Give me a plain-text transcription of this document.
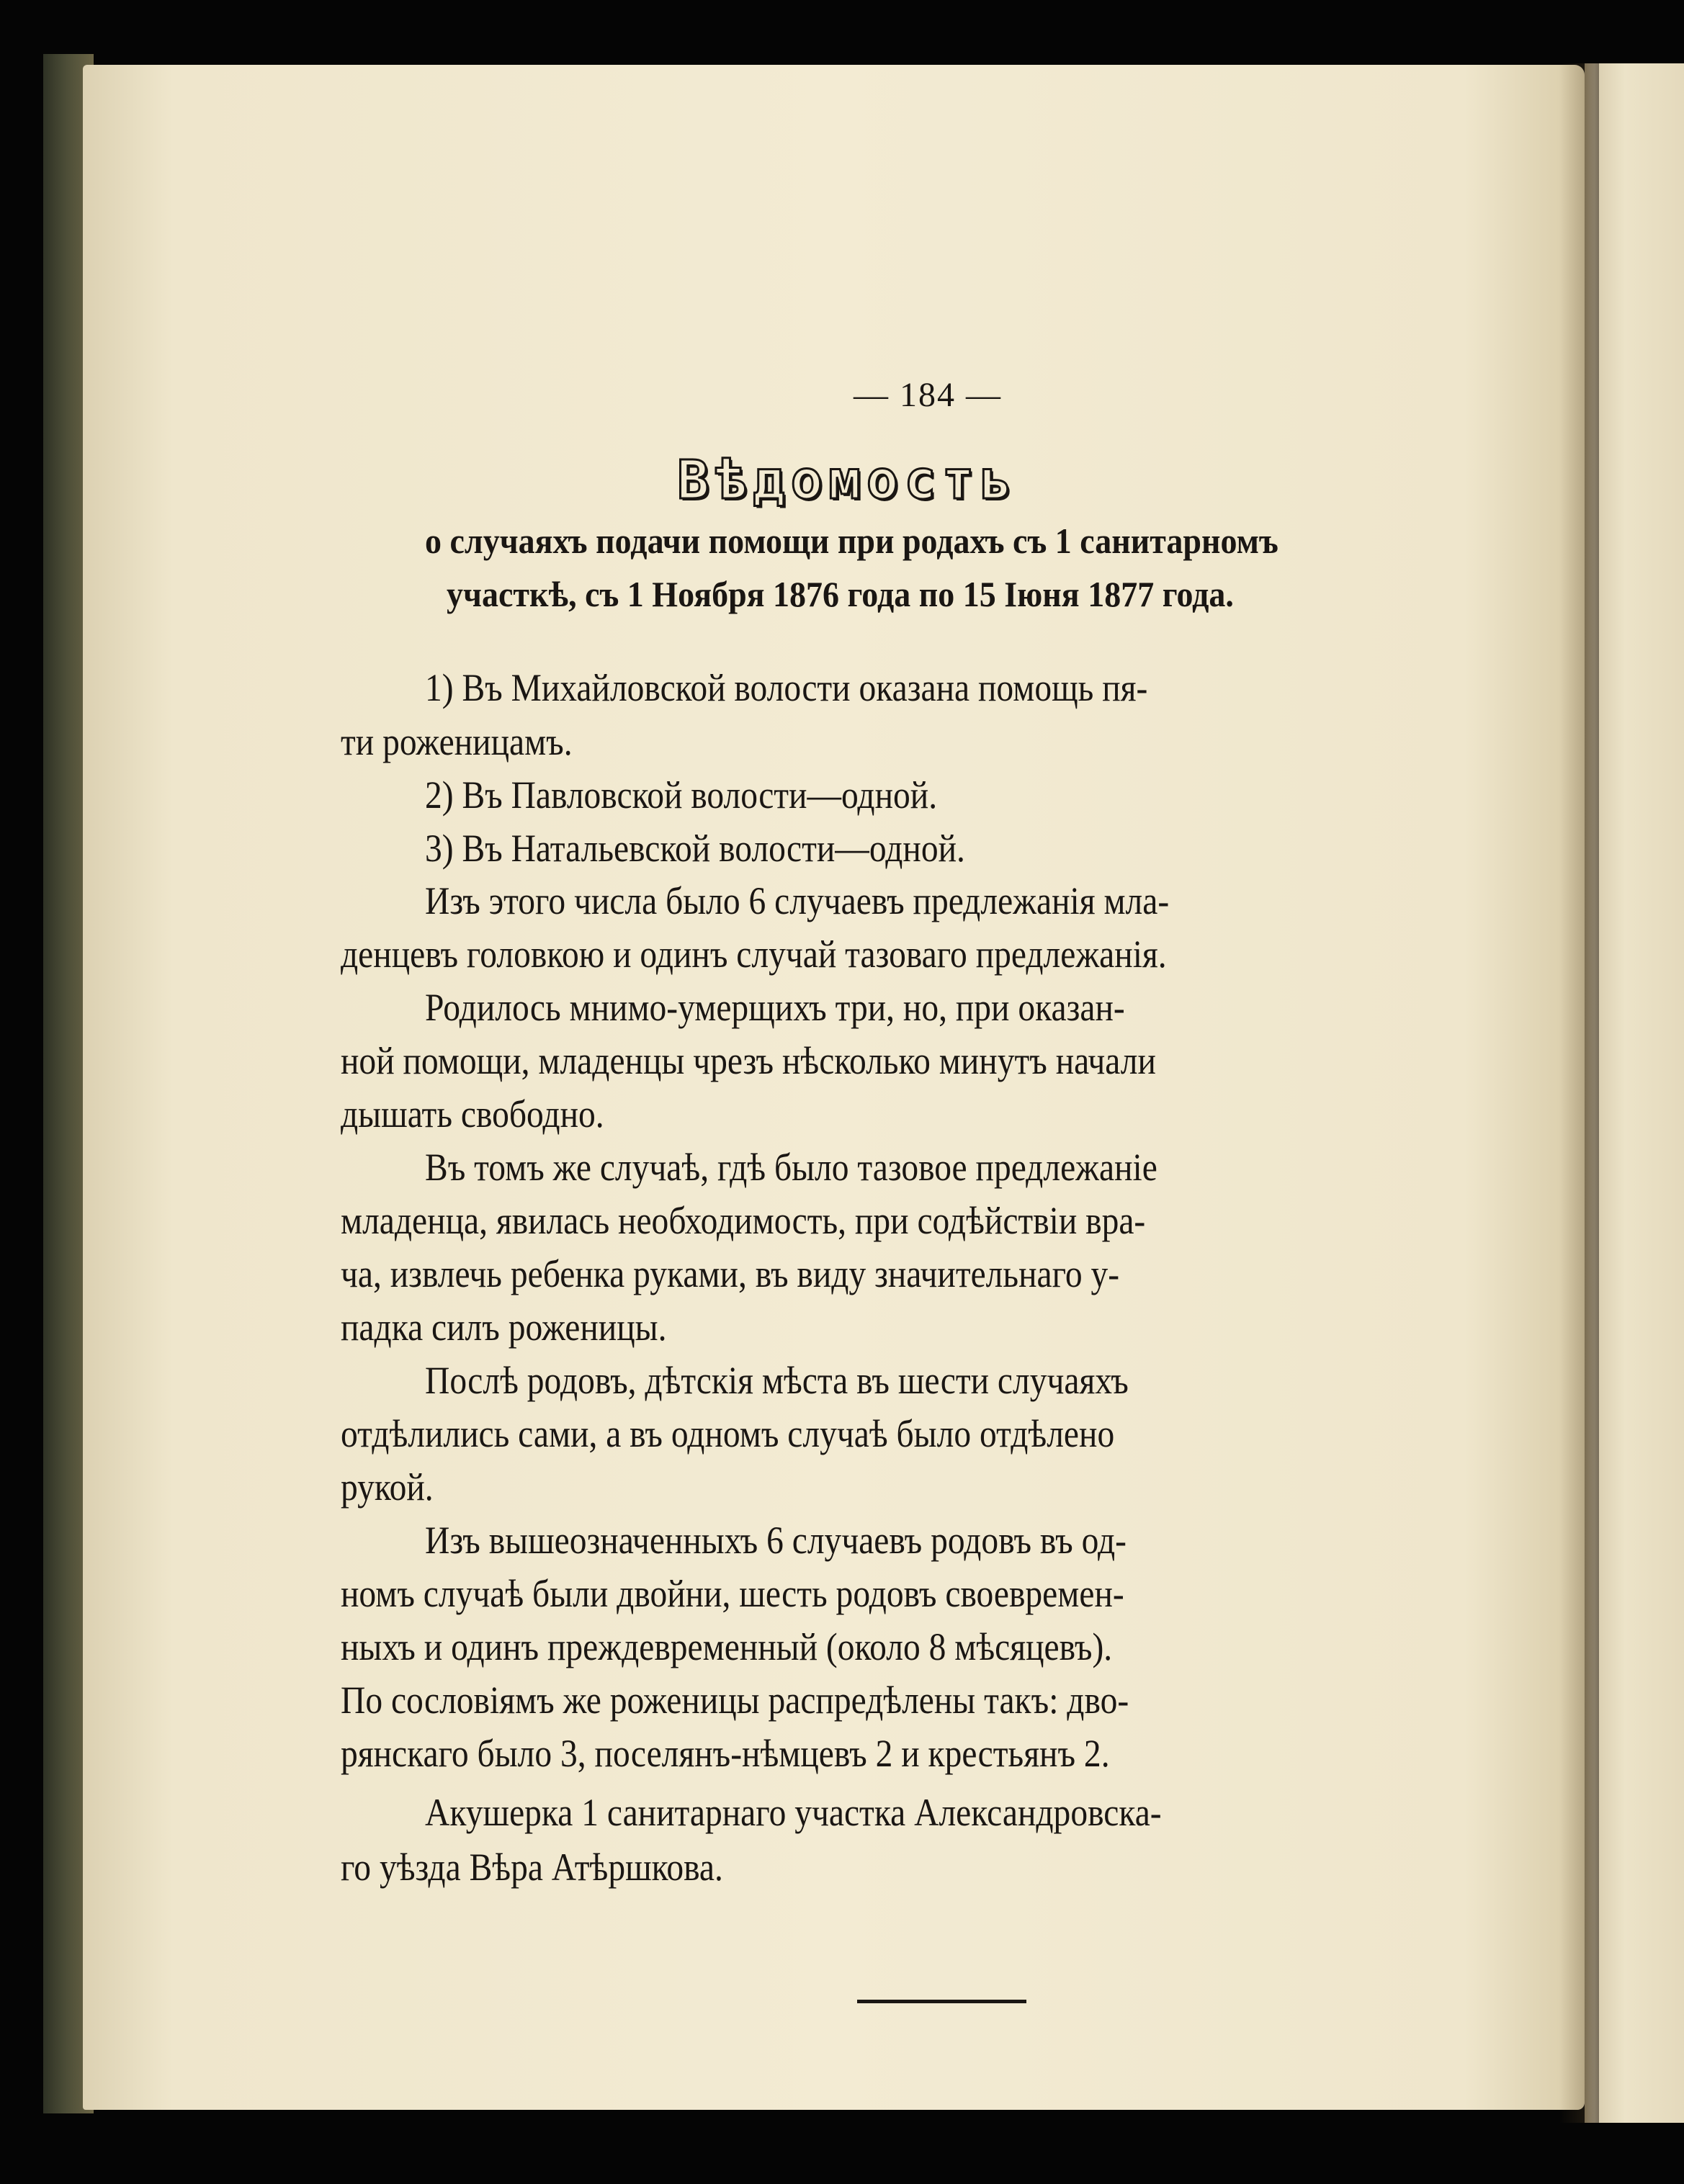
— 184 —
Вѣдомость
о случаяхъ подачи помощи при родахъ съ 1 санитарномъ
участкѣ, съ 1 Ноября 1876 года по 15 Іюня 1877 года.
1) Въ Михайловской волости оказана помощь пя-
ти роженицамъ.
2) Въ Павловской волости—одной.
3) Въ Натальевской волости—одной.
Изъ этого числа было 6 случаевъ предлежанія мла-
денцевъ головкою и одинъ случай тазоваго предлежанія.
Родилось мнимо-умерщихъ три, но, при оказан-
ной помощи, младенцы чрезъ нѣсколько минутъ начали
дышать свободно.
Въ томъ же случаѣ, гдѣ было тазовое предлежаніе
младенца, явилась необходимость, при содѣйствіи вра-
ча, извлечь ребенка руками, въ виду значительнаго у-
падка силъ роженицы.
Послѣ родовъ, дѣтскія мѣста въ шести случаяхъ
отдѣлились сами, а въ одномъ случаѣ было отдѣлено
рукой.
Изъ вышеозначенныхъ 6 случаевъ родовъ въ од-
номъ случаѣ были двойни, шесть родовъ своевремен-
ныхъ и одинъ преждевременный (около 8 мѣсяцевъ).
По сословіямъ же роженицы распредѣлены такъ: дво-
рянскаго было 3, поселянъ-нѣмцевъ 2 и крестьянъ 2.
Акушерка 1 санитарнаго участка Александровска-
го уѣзда Вѣра Атѣршкова.
